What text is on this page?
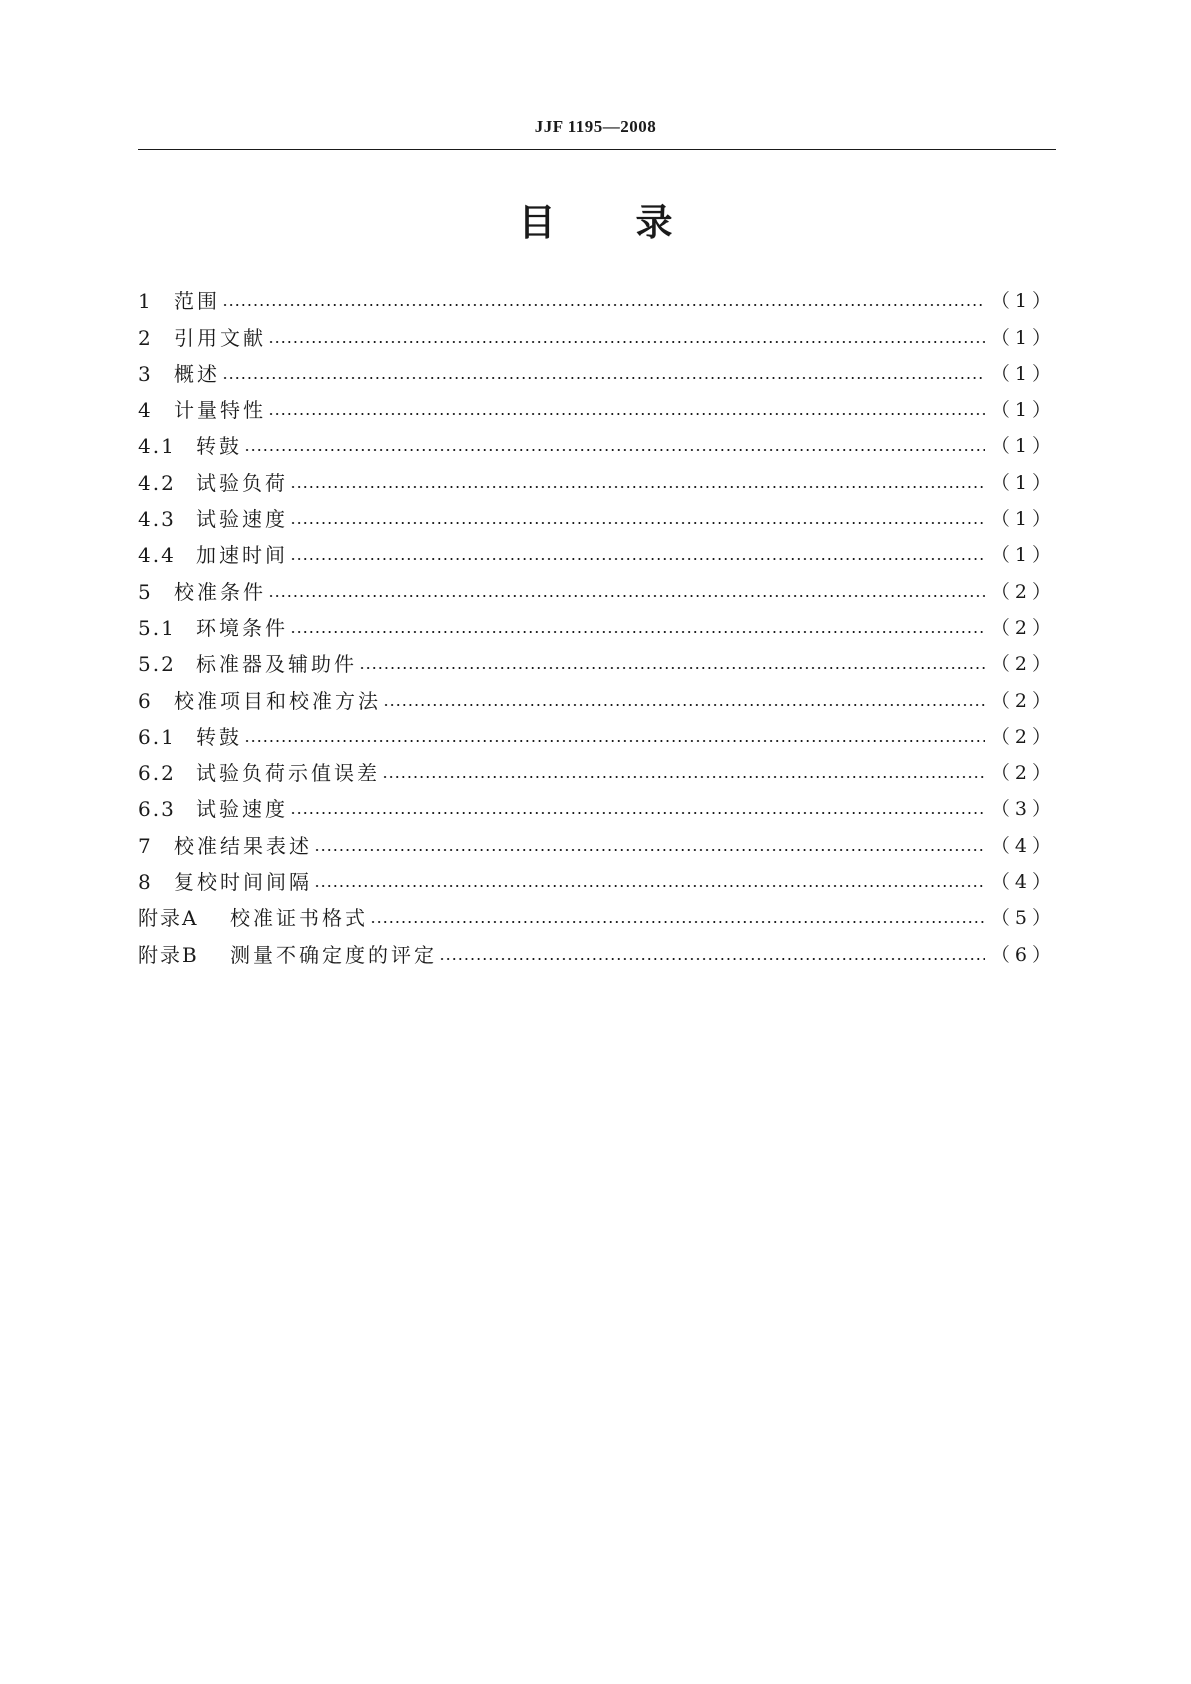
JJF 1195—2008
目录
1	范围	（1）
2	引用文献	（1）
3	概述	（1）
4	计量特性	（1）
4.1	转鼓	（1）
4.2	试验负荷	（1）
4.3	试验速度	（1）
4.4	加速时间	（1）
5	校准条件	（2）
5.1	环境条件	（2）
5.2	标准器及辅助件	（2）
6	校准项目和校准方法	（2）
6.1	转鼓	（2）
6.2	试验负荷示值误差	（2）
6.3	试验速度	（3）
7	校准结果表述	（4）
8	复校时间间隔	（4）
附录A	校准证书格式	（5）
附录B	测量不确定度的评定	（6）
